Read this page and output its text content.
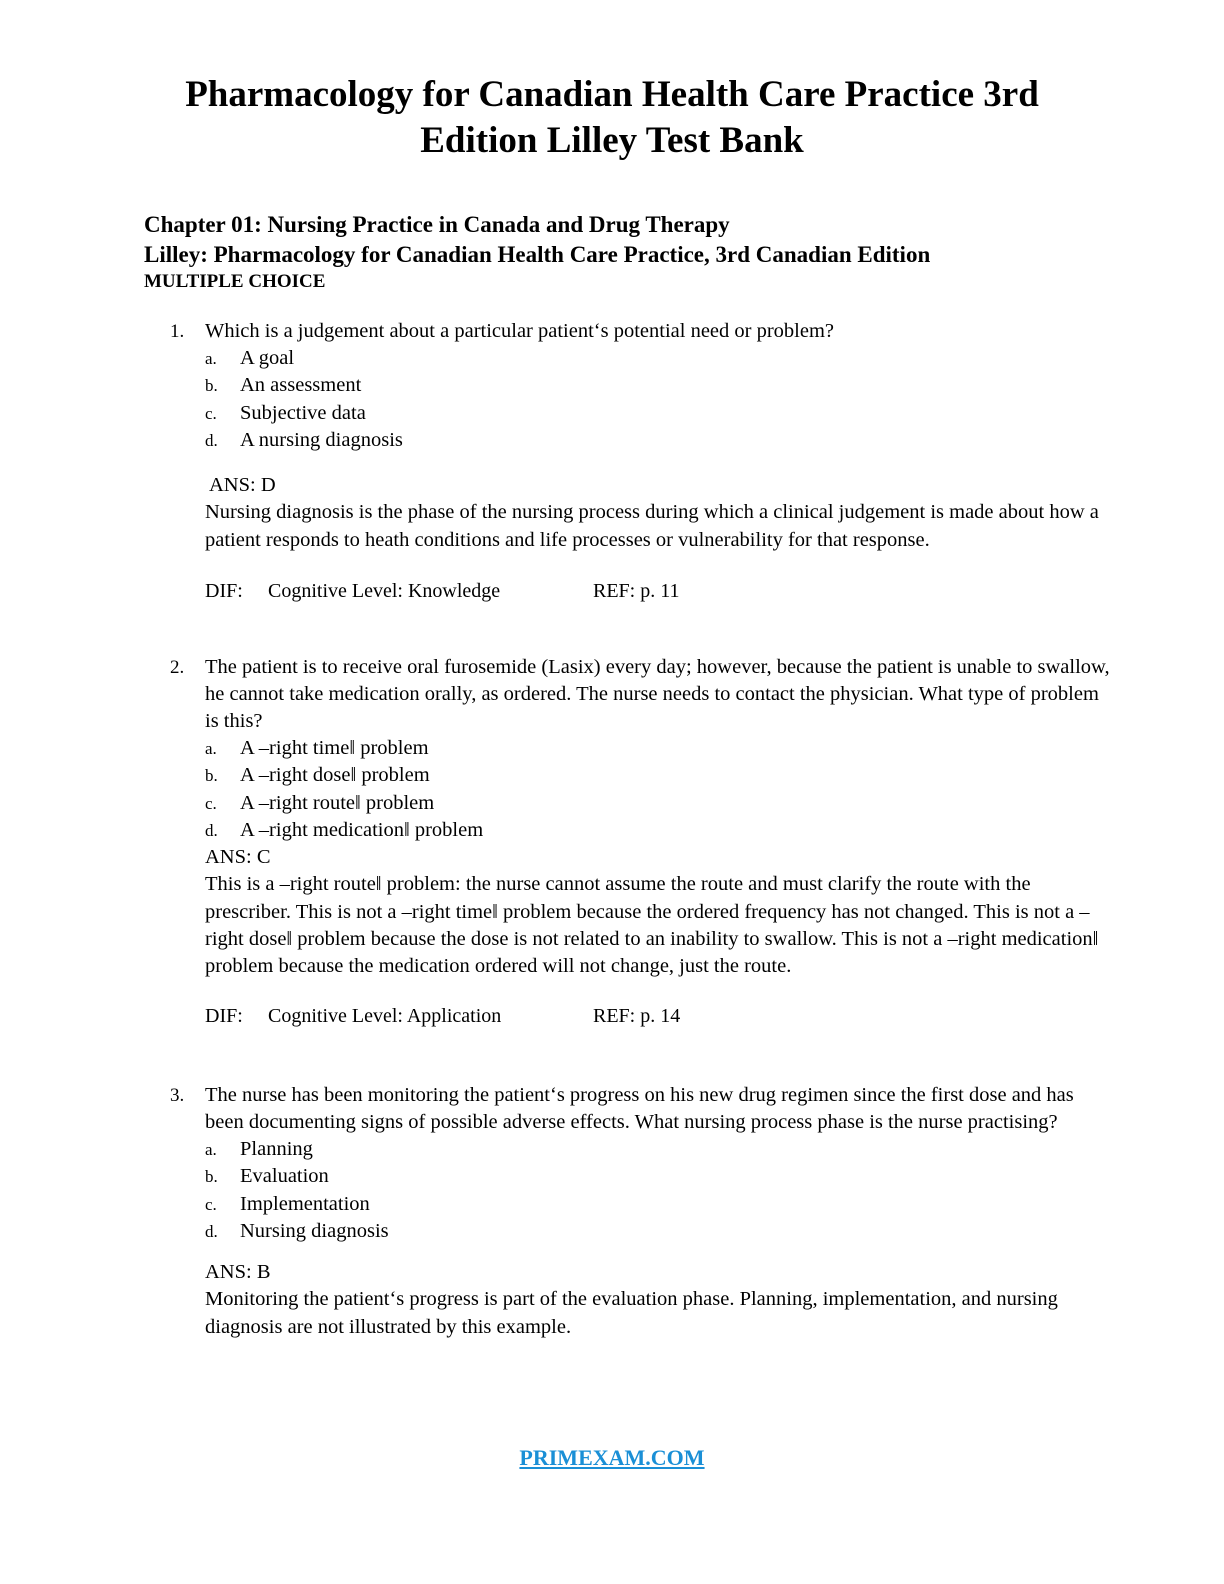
Pharmacology for Canadian Health Care Practice 3rd
Edition Lilley Test Bank
Chapter 01: Nursing Practice in Canada and Drug Therapy
Lilley: Pharmacology for Canadian Health Care Practice, 3rd Canadian Edition
MULTIPLE CHOICE
1. Which is a judgement about a particular patient‘s potential need or problem?
a. A goal
b. An assessment
c. Subjective data
d. A nursing diagnosis
ANS: D
Nursing diagnosis is the phase of the nursing process during which a clinical judgement is made about how a patient responds to heath conditions and life processes or vulnerability for that response.
DIF: Cognitive Level: Knowledge	REF: p. 11
2. The patient is to receive oral furosemide (Lasix) every day; however, because the patient is unable to swallow, he cannot take medication orally, as ordered. The nurse needs to contact the physician. What type of problem is this?
a. A –right time‖ problem
b. A –right dose‖ problem
c. A –right route‖ problem
d. A –right medication‖ problem
ANS: C
This is a –right route‖ problem: the nurse cannot assume the route and must clarify the route with the prescriber. This is not a –right time‖ problem because the ordered frequency has not changed. This is not a –right dose‖ problem because the dose is not related to an inability to swallow. This is not a –right medication‖ problem because the medication ordered will not change, just the route.
DIF: Cognitive Level: Application	REF: p. 14
3. The nurse has been monitoring the patient‘s progress on his new drug regimen since the first dose and has been documenting signs of possible adverse effects. What nursing process phase is the nurse practising?
a. Planning
b. Evaluation
c. Implementation
d. Nursing diagnosis
ANS: B
Monitoring the patient‘s progress is part of the evaluation phase. Planning, implementation, and nursing diagnosis are not illustrated by this example.
PRIMEXAM.COM
